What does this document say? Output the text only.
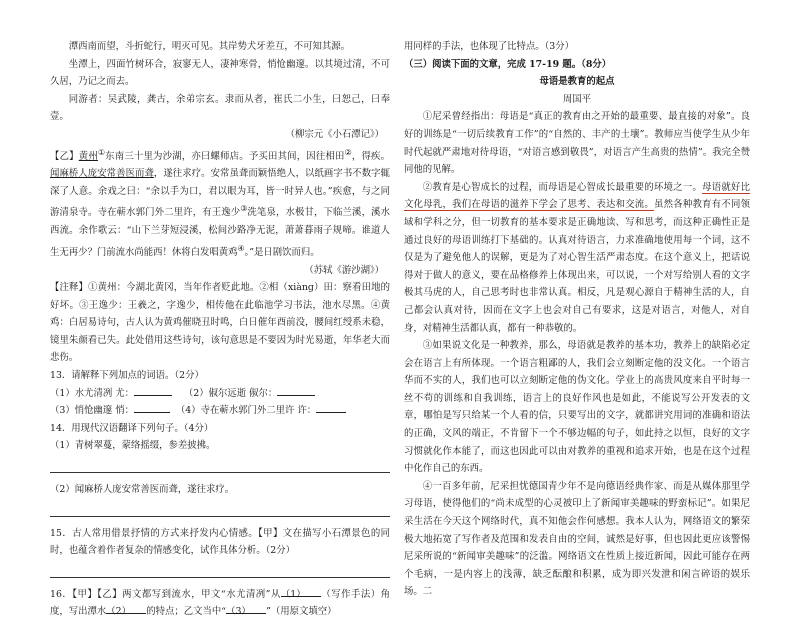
潭西南而望，斗折蛇行，明灭可见。其岸势犬牙差互，不可知其源。

坐潭上，四面竹树环合，寂寥无人，凄神寒骨，悄怆幽邃。以其境过清，不可久居，乃记之而去。

同游者：吴武陵，龚古，余弟宗玄。隶而从者，崔氏二小生，曰恕己，曰奉壹。

（柳宗元《小石潭记》）

【乙】黄州①东南三十里为沙湖，亦曰螺师店。予买田其间，因往相田②，得疾。闻麻桥人庞安常善医而聋，遂往求疗。安常虽聋而颖悟绝人，以纸画字书不数字辄深了人意。余戏之曰：“余以手为口，君以眼为耳，皆一时异人也。”疾愈，与之同游清泉寺。寺在蕲水郭门外二里许，有王逸少③洗笔泉，水极甘，下临兰溪，溪水西流。余作歌云：“山下兰芽短浸溪，松间沙路净无泥，萧萧暮雨子规啼。谁道人生无再少？门前流水尚能西！休将白发唱黄鸡④。”是日剧饮而归。

（苏轼《游沙湖》）

【注释】①黄州：今湖北黄冈，当年作者贬此地。②相（xiàng）田：察看田地的好坏。③王逸少：王羲之，字逸少，相传他在此临池学习书法，池水尽黑。④黄鸡：白居易诗句，古人认为黄鸡催晓丑时鸣，白日催年酉前没，腰间红绶系未稳，镜里朱颜看已失。此处借用这些诗句，该句意思是不要因为时光易逝，年华老大而悲伤。

13．请解释下列加点的词语。（2分）

（1）水尤清冽 尤：	（2）俶尔远逝 俶尔：

（3）悄怆幽邃 悄：	（4）寺在蕲水郭门外二里许 许：

14．用现代汉语翻译下列句子。（4分）

（1）青树翠蔓，蒙络摇缀，参差披拂。

（2）闻麻桥人庞安常善医而聋，遂往求疗。

15．古人常用借景抒情的方式来抒发内心情感。【甲】文在描写小石潭景色的同时，也蕴含着作者复杂的情感变化，试作具体分析。（2分）

16．【甲】【乙】两文都写到流水，甲文“水尤清冽”从（1） （写作手法）角度，写出潭水（2） 的特点；乙文当中“（3） ”（用原文填空）

用同样的手法，也体现了比特点。（3分）

（三）阅读下面的文章，完成 17-19 题。（8分）

母语是教育的起点

周国平

①尼采曾经指出：母语是“真正的教育由之开始的最重要、最直接的对象”。良好的训练是“一切后续教育工作”的“自然的、丰产的土壤”。教师应当使学生从少年时代起就严肃地对待母语，“对语言感到敬畏”，对语言产生高贵的热情”。我完全赞同他的见解。

②教育是心智成长的过程，而母语是心智成长最重要的环境之一。母语就好比文化母乳，我们在母语的滋养下学会了思考、表达和交流。虽然各种教育有不同领域和学科之分，但一切教育的基本要求是正确地读、写和思考，而这种正确性正是通过良好的母语训练打下基础的。认真对待语言，力求准确地使用每一个词，这不仅是为了避免他人的误解，更是为了对心智生活严肃态度。在这个意义上，把话说得对于做人的意义，要在品格修养上体现出来，可以说，一个对写给别人看的文字极其马虎的人，自己思考时也非常认真。相反，凡是观心源自于精神生活的人，自己都会认真对待，因而在文字上也会对自己有要求，这是对语言，对他人，对自身，对精神生活都认真，都有一种恭敬的。

③如果说文化是一种教养，那么，母语就是教养的基本功，教养上的缺陷必定会在语言上有所体现。一个语言粗鄙的人，我们会立刻断定他的没文化。一个语言华而不实的人，我们也可以立刻断定他的伪文化。学业上的高贵风度来自平时每一丝不苟的训练和自我训练，语言上的良好作风也是如此，不能说写公开发表的文章，哪怕是写只给某一个人看的信，只要写出的文字，就都讲究用词的准确和语法的正确，文风的端正，不肯留下一个不够边幅的句子，如此持之以恒，良好的文字习惯就化作本能了，而这也因此可以由对教养的重视和追求开始，也是在这个过程中化作自己的东西。

④一百多年前，尼采担忧德国青少年不是向德语经典作家、而是从媒体那里学习母语，使得他们的“尚未成型的心灵被印上了新闻审美趣味的野蛮标记”。如果尼采生活在今天这个网络时代，真不知他会作何感想。我本人认为，网络语文的繁荣极大地拓宽了写作者及范围和发表自由的空间，诚然是好事，但也因此更应该警惕尼采所说的“新闻审美趣味”的泛滥。网络语文在性质上接近新闻，因此可能存在两个毛病，一是内容上的浅薄，缺乏酝酿和积累，成为即兴发泄和闲言碎语的娱乐场。二
